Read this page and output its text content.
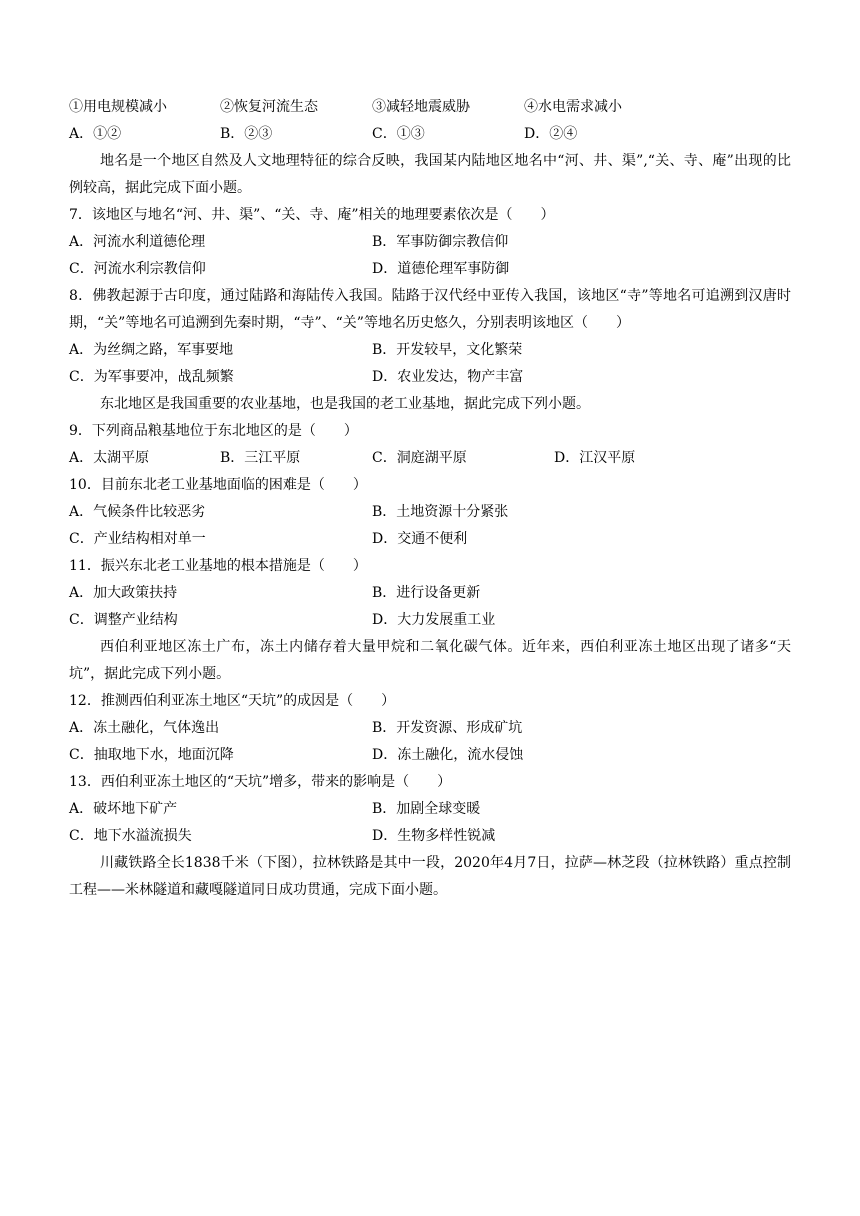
①用电规模减小	②恢复河流生态	③减轻地震威胁	④水电需求减小
A．①②	B．②③	C．①③	D．②④
地名是一个地区自然及人文地理特征的综合反映，我国某内陆地区地名中“河、井、渠”,“关、寺、庵”出现的比例较高，据此完成下面小题。
7．该地区与地名“河、井、渠”、“关、寺、庵”相关的地理要素依次是（　　）
A．河流水利道德伦理	B．军事防御宗教信仰
C．河流水利宗教信仰	D．道德伦理军事防御
8．佛教起源于古印度，通过陆路和海陆传入我国。陆路于汉代经中亚传入我国，该地区“寺”等地名可追溯到汉唐时期，“关”等地名可追溯到先秦时期，“寺”、“关”等地名历史悠久，分别表明该地区（　　）
A．为丝绸之路，军事要地	B．开发较早，文化繁荣
C．为军事要冲，战乱频繁	D．农业发达，物产丰富
东北地区是我国重要的农业基地，也是我国的老工业基地，据此完成下列小题。
9．下列商品粮基地位于东北地区的是（　　）
A．太湖平原	B．三江平原	C．洞庭湖平原	D．江汉平原
10．目前东北老工业基地面临的困难是（　　）
A．气候条件比较恶劣	B．土地资源十分紧张
C．产业结构相对单一	D．交通不便利
11．振兴东北老工业基地的根本措施是（　　）
A．加大政策扶持	B．进行设备更新
C．调整产业结构	D．大力发展重工业
西伯利亚地区冻土广布，冻土内储存着大量甲烷和二氧化碳气体。近年来，西伯利亚冻土地区出现了诸多“天坑”，据此完成下列小题。
12．推测西伯利亚冻土地区“天坑”的成因是（　　）
A．冻土融化，气体逸出	B．开发资源、形成矿坑
C．抽取地下水，地面沉降	D．冻土融化，流水侵蚀
13．西伯利亚冻土地区的“天坑”增多，带来的影响是（　　）
A．破坏地下矿产	B．加剧全球变暖
C．地下水溢流损失	D．生物多样性锐减
川藏铁路全长1838千米（下图），拉林铁路是其中一段，2020年4月7日，拉萨—林芝段（拉林铁路）重点控制工程——米林隧道和藏嘎隧道同日成功贯通，完成下面小题。
